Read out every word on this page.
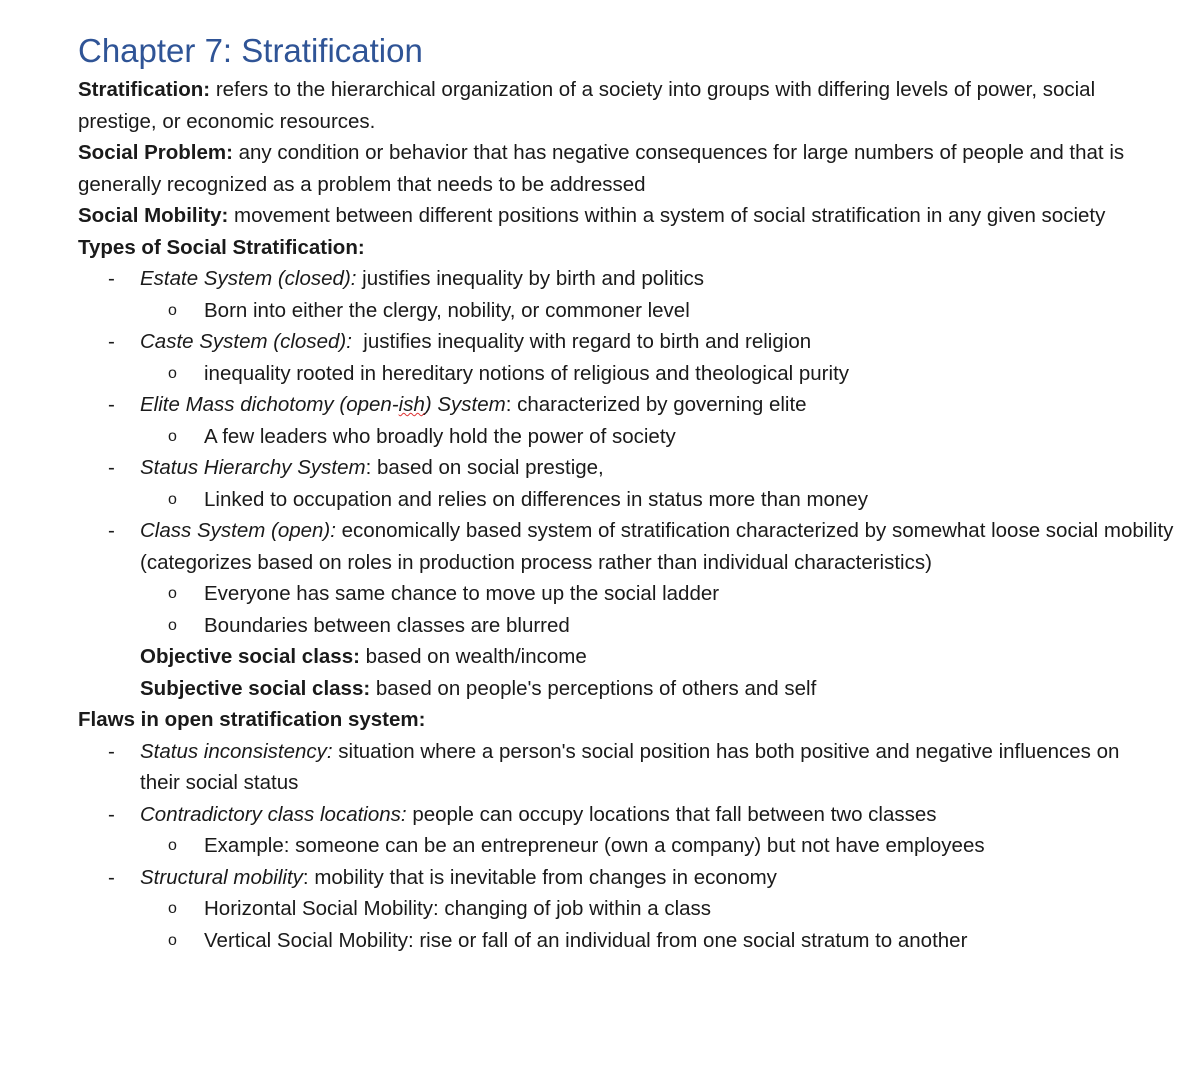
Chapter 7: Stratification
Stratification: refers to the hierarchical organization of a society into groups with differing levels of power, social prestige, or economic resources.
Social Problem: any condition or behavior that has negative consequences for large numbers of people and that is generally recognized as a problem that needs to be addressed
Social Mobility: movement between different positions within a system of social stratification in any given society
Types of Social Stratification:
- Estate System (closed): justifies inequality by birth and politics
o Born into either the clergy, nobility, or commoner level
- Caste System (closed):  justifies inequality with regard to birth and religion
o inequality rooted in hereditary notions of religious and theological purity
- Elite Mass dichotomy (open-ish) System: characterized by governing elite
o A few leaders who broadly hold the power of society
- Status Hierarchy System: based on social prestige,
o Linked to occupation and relies on differences in status more than money
- Class System (open): economically based system of stratification characterized by somewhat loose social mobility (categorizes based on roles in production process rather than individual characteristics)
o Everyone has same chance to move up the social ladder
o Boundaries between classes are blurred
Objective social class: based on wealth/income
Subjective social class: based on people's perceptions of others and self
Flaws in open stratification system:
- Status inconsistency: situation where a person's social position has both positive and negative influences on their social status
- Contradictory class locations: people can occupy locations that fall between two classes
o Example: someone can be an entrepreneur (own a company) but not have employees
- Structural mobility: mobility that is inevitable from changes in economy
o Horizontal Social Mobility: changing of job within a class
o Vertical Social Mobility: rise or fall of an individual from one social stratum to another
